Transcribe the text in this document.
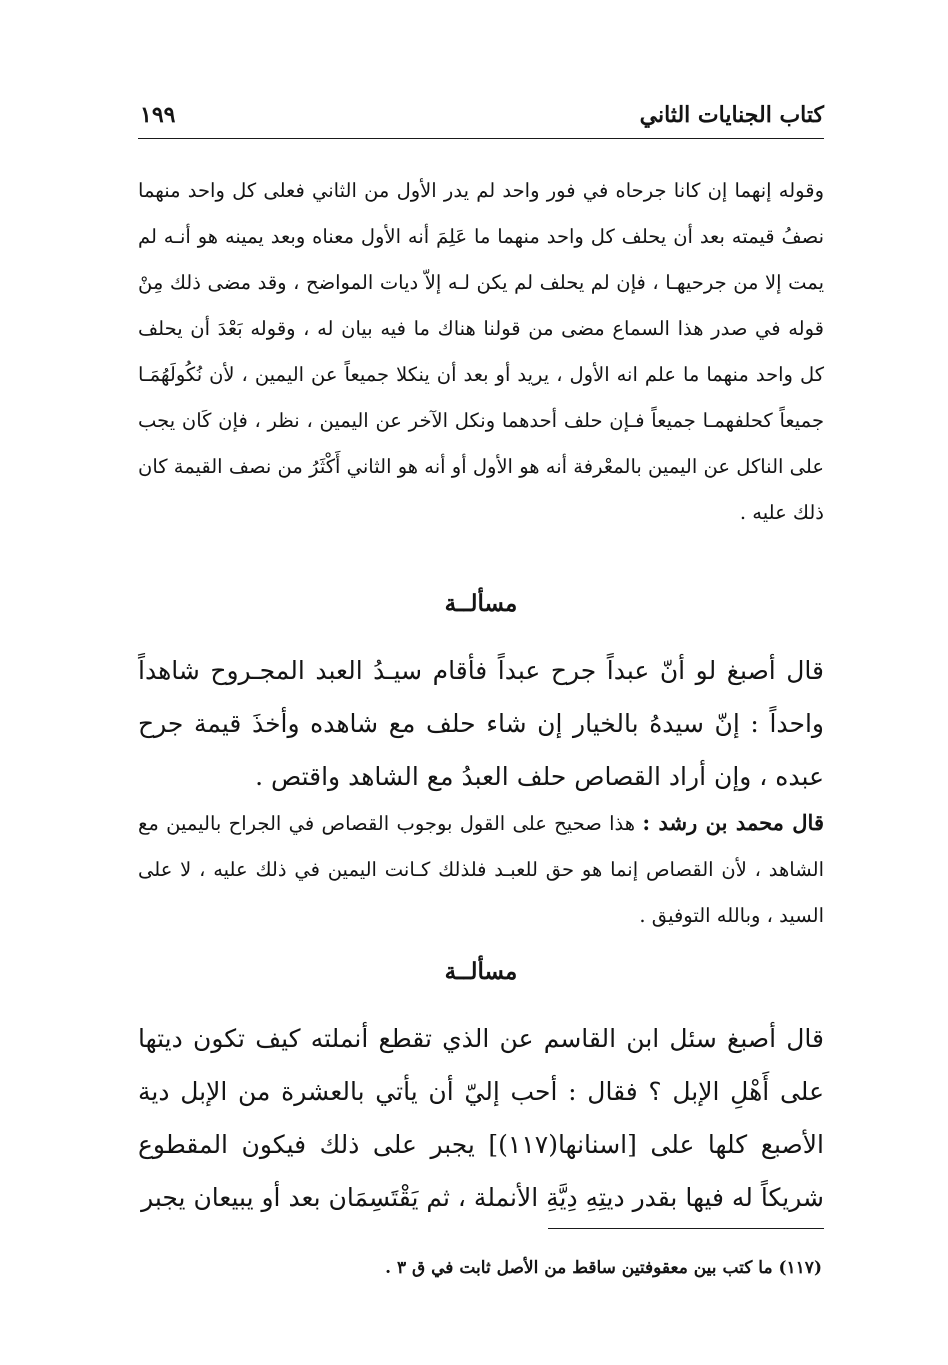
كتاب الجنايات الثاني
١٩٩

وقوله إنهما إن كانا جرحاه في فور واحد لم يدر الأول من الثاني فعلى كل واحد منهما نصفُ قيمته بعد أن يحلف كل واحد منهما ما عَلِمَ أنه الأول معناه وبعد يمينه هو أنـه لم يمت إلا من جرحيهـا ، فإن لم يحلف لم يكن لـه إلاّ ديات المواضح ، وقد مضى ذلك مِنْ قوله في صدر هذا السماع مضى من قولنا هناك ما فيه بيان له ، وقوله بَعْدَ أن يحلف كل واحد منهما ما علم انه الأول ، يريد أو بعد أن ينكلا جميعاً عن اليمين ، لأن نُكُولَهُمَـا جميعاً كحلفهمـا جميعاً فـإن حلف أحدهما ونكل الآخر عن اليمين ، نظر ، فإن كَان يجب على الناكل عن اليمين بالمعْرفة أنه هو الأول أو أنه هو الثاني أَكْثَرُ من نصف القيمة كان ذلك عليه .

مسألــة

قال أصبغ لو أنّ عبداً جرح عبداً فأقام سيـدُ العبد المجـروح شاهداً واحداً : إنّ سيدهُ بالخيار إن شاء حلف مع شاهده وأخذَ قيمة جرح عبده ، وإن أراد القصاص حلف العبدُ مع الشاهد واقتص .

قال محمد بن رشد : هذا صحيح على القول بوجوب القصاص في الجراح باليمين مع الشاهد ، لأن القصاص إنما هو حق للعبـد فلذلك كـانت اليمين في ذلك عليه ، لا على السيد ، وبالله التوفيق .

مسألــة

قال أصبغ سئل ابن القاسم عن الذي تقطع أنملته كيف تكون ديتها على أَهْلِ الإبل ؟ فقال : أحب إليّ أن يأتي بالعشرة من الإبل دية الأصبع كلها على [اسنانها(١١٧)] يجبر على ذلك فيكون المقطوع شريكاً له فيها بقدر ديتِهِ دِيَّةِ الأنملة ، ثم يَقْتَسِمَان بعد أو يبيعان يجبر

(١١٧) ما كتب بين معقوفتين ساقط من الأصل ثابت في ق ٣ .
